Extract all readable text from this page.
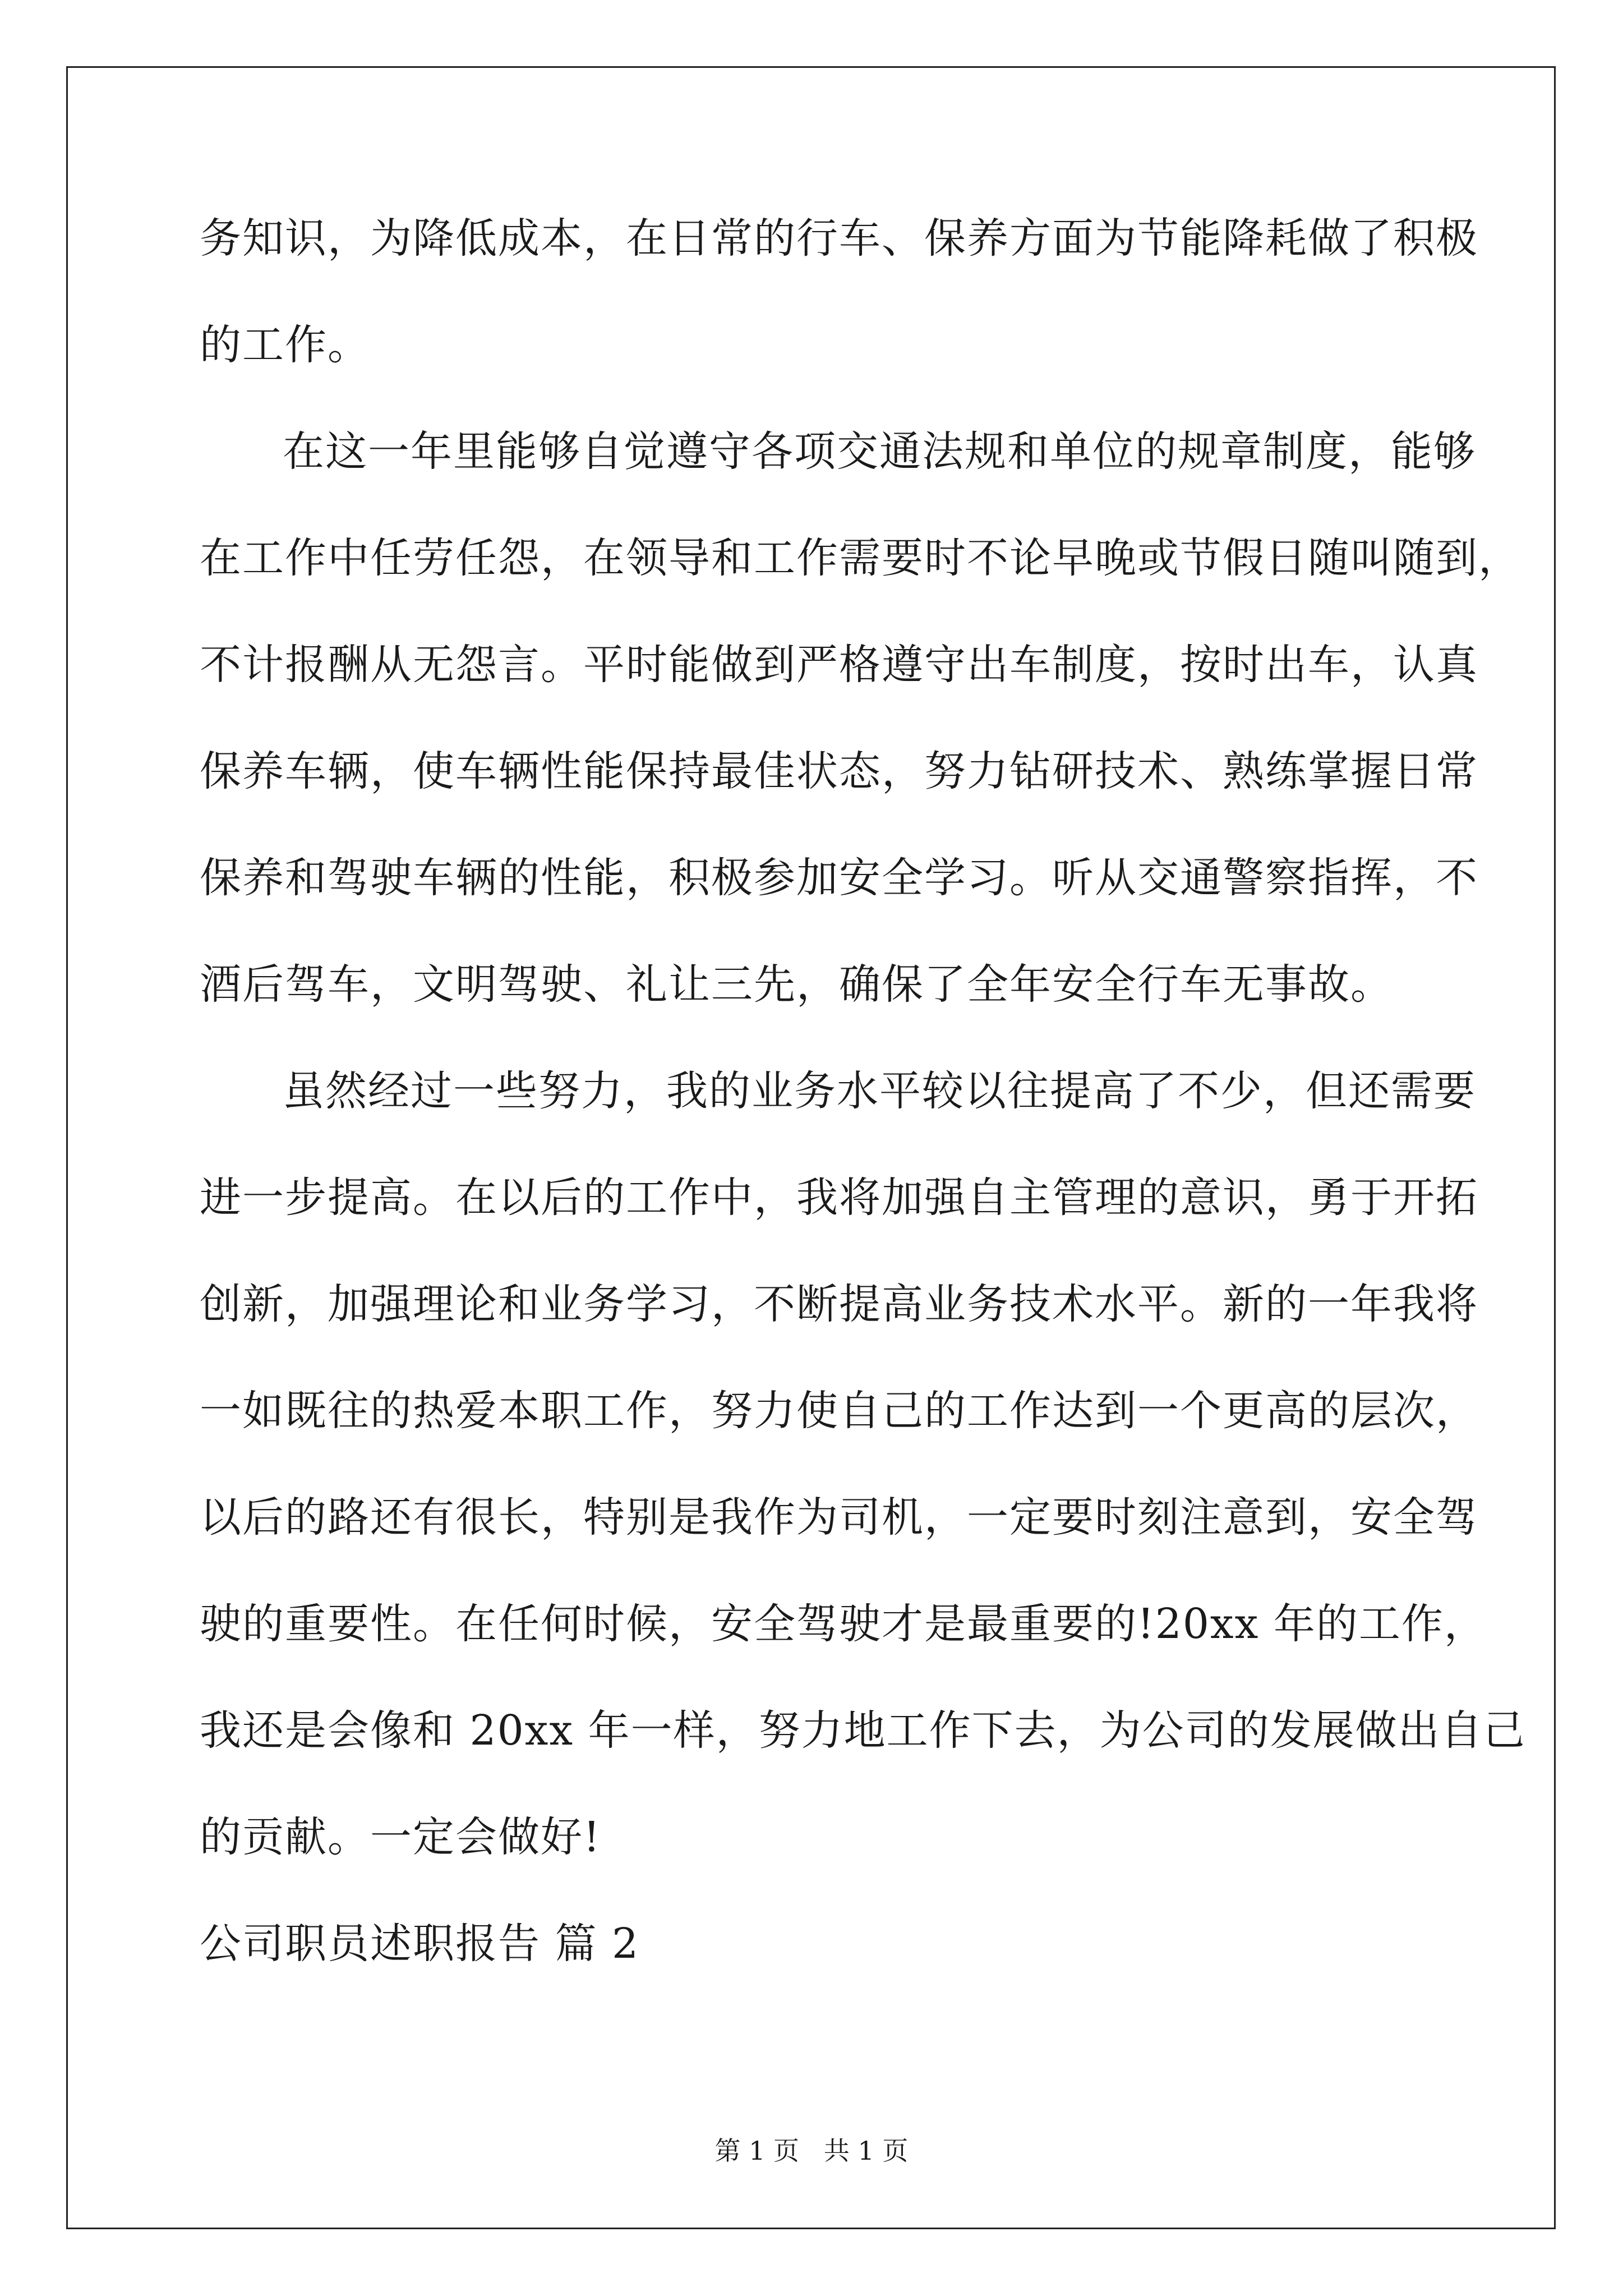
务知识，为降低成本，在日常的行车、保养方面为节能降耗做了积极
的工作。
在这一年里能够自觉遵守各项交通法规和单位的规章制度，能够
在工作中任劳任怨，在领导和工作需要时不论早晚或节假日随叫随到，
不计报酬从无怨言。平时能做到严格遵守出车制度，按时出车，认真
保养车辆，使车辆性能保持最佳状态，努力钻研技术、熟练掌握日常
保养和驾驶车辆的性能，积极参加安全学习。听从交通警察指挥，不
酒后驾车，文明驾驶、礼让三先，确保了全年安全行车无事故。
虽然经过一些努力，我的业务水平较以往提高了不少，但还需要
进一步提高。在以后的工作中，我将加强自主管理的意识，勇于开拓
创新，加强理论和业务学习，不断提高业务技术水平。新的一年我将
一如既往的热爱本职工作，努力使自己的工作达到一个更高的层次，
以后的路还有很长，特别是我作为司机，一定要时刻注意到，安全驾
驶的重要性。在任何时候，安全驾驶才是最重要的!20xx 年的工作，
我还是会像和 20xx 年一样，努力地工作下去，为公司的发展做出自己
的贡献。一定会做好!
公司职员述职报告 篇 2
第 1 页   共 1 页
